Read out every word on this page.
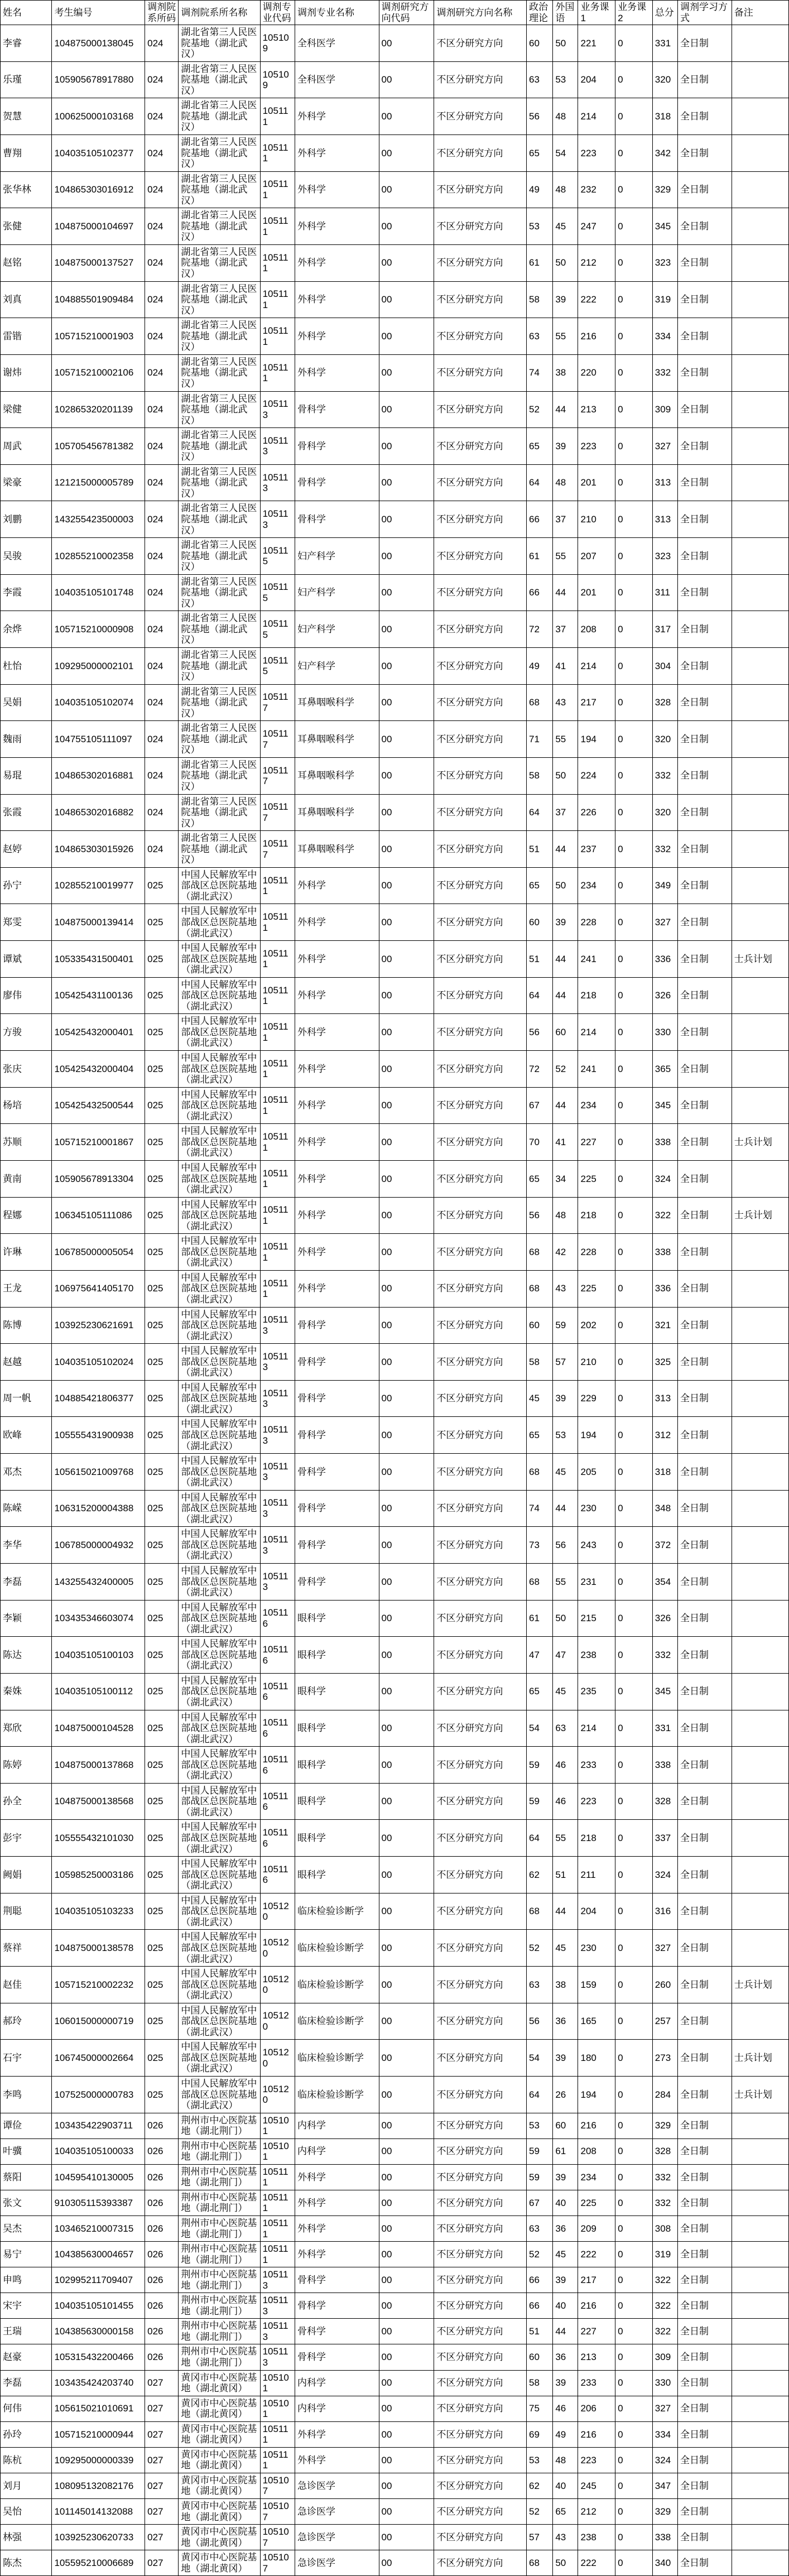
姓名	考生编号	调剂院系所码	调剂院系所名称	调剂专业代码	调剂专业名称	调剂研究方向代码	调剂研究方向名称	政治理论	外国语	业务课1	业务课2	总分	调剂学习方式	备注
李睿	104875000138045	024	湖北省第三人民医院基地（湖北武汉）	105109	全科医学	00	不区分研究方向	60	50	221	0	331	全日制	
乐瑾	105905678917880	024	湖北省第三人民医院基地（湖北武汉）	105109	全科医学	00	不区分研究方向	63	53	204	0	320	全日制	
贺慧	100625000103168	024	湖北省第三人民医院基地（湖北武汉）	105111	外科学	00	不区分研究方向	56	48	214	0	318	全日制	
曹翔	104035105102377	024	湖北省第三人民医院基地（湖北武汉）	105111	外科学	00	不区分研究方向	65	54	223	0	342	全日制	
张华林	104865303016912	024	湖北省第三人民医院基地（湖北武汉）	105111	外科学	00	不区分研究方向	49	48	232	0	329	全日制	
张健	104875000104697	024	湖北省第三人民医院基地（湖北武汉）	105111	外科学	00	不区分研究方向	53	45	247	0	345	全日制	
赵铭	104875000137527	024	湖北省第三人民医院基地（湖北武汉）	105111	外科学	00	不区分研究方向	61	50	212	0	323	全日制	
刘真	104885501909484	024	湖北省第三人民医院基地（湖北武汉）	105111	外科学	00	不区分研究方向	58	39	222	0	319	全日制	
雷锴	105715210001903	024	湖北省第三人民医院基地（湖北武汉）	105111	外科学	00	不区分研究方向	63	55	216	0	334	全日制	
谢炜	105715210002106	024	湖北省第三人民医院基地（湖北武汉）	105111	外科学	00	不区分研究方向	74	38	220	0	332	全日制	
梁健	102865320201139	024	湖北省第三人民医院基地（湖北武汉）	105113	骨科学	00	不区分研究方向	52	44	213	0	309	全日制	
周武	105705456781382	024	湖北省第三人民医院基地（湖北武汉）	105113	骨科学	00	不区分研究方向	65	39	223	0	327	全日制	
梁豪	121215000005789	024	湖北省第三人民医院基地（湖北武汉）	105113	骨科学	00	不区分研究方向	64	48	201	0	313	全日制	
刘鹏	143255423500003	024	湖北省第三人民医院基地（湖北武汉）	105113	骨科学	00	不区分研究方向	66	37	210	0	313	全日制	
吴骏	102855210002358	024	湖北省第三人民医院基地（湖北武汉）	105115	妇产科学	00	不区分研究方向	61	55	207	0	323	全日制	
李霞	104035105101748	024	湖北省第三人民医院基地（湖北武汉）	105115	妇产科学	00	不区分研究方向	66	44	201	0	311	全日制	
余烨	105715210000908	024	湖北省第三人民医院基地（湖北武汉）	105115	妇产科学	00	不区分研究方向	72	37	208	0	317	全日制	
杜怡	109295000002101	024	湖北省第三人民医院基地（湖北武汉）	105115	妇产科学	00	不区分研究方向	49	41	214	0	304	全日制	
吴娟	104035105102074	024	湖北省第三人民医院基地（湖北武汉）	105117	耳鼻咽喉科学	00	不区分研究方向	68	43	217	0	328	全日制	
魏雨	104755105111097	024	湖北省第三人民医院基地（湖北武汉）	105117	耳鼻咽喉科学	00	不区分研究方向	71	55	194	0	320	全日制	
易琨	104865302016881	024	湖北省第三人民医院基地（湖北武汉）	105117	耳鼻咽喉科学	00	不区分研究方向	58	50	224	0	332	全日制	
张霞	104865302016882	024	湖北省第三人民医院基地（湖北武汉）	105117	耳鼻咽喉科学	00	不区分研究方向	64	37	226	0	320	全日制	
赵婷	104865303015926	024	湖北省第三人民医院基地（湖北武汉）	105117	耳鼻咽喉科学	00	不区分研究方向	51	44	237	0	332	全日制	
孙宁	102855210019977	025	中国人民解放军中部战区总医院基地（湖北武汉）	105111	外科学	00	不区分研究方向	65	50	234	0	349	全日制	
郑雯	104875000139414	025	中国人民解放军中部战区总医院基地（湖北武汉）	105111	外科学	00	不区分研究方向	60	39	228	0	327	全日制	
谭斌	105335431500401	025	中国人民解放军中部战区总医院基地（湖北武汉）	105111	外科学	00	不区分研究方向	51	44	241	0	336	全日制	士兵计划
廖伟	105425431100136	025	中国人民解放军中部战区总医院基地（湖北武汉）	105111	外科学	00	不区分研究方向	64	44	218	0	326	全日制	
方骏	105425432000401	025	中国人民解放军中部战区总医院基地（湖北武汉）	105111	外科学	00	不区分研究方向	56	60	214	0	330	全日制	
张庆	105425432000404	025	中国人民解放军中部战区总医院基地（湖北武汉）	105111	外科学	00	不区分研究方向	72	52	241	0	365	全日制	
杨培	105425432500544	025	中国人民解放军中部战区总医院基地（湖北武汉）	105111	外科学	00	不区分研究方向	67	44	234	0	345	全日制	
苏顺	105715210001867	025	中国人民解放军中部战区总医院基地（湖北武汉）	105111	外科学	00	不区分研究方向	70	41	227	0	338	全日制	士兵计划
黄南	105905678913304	025	中国人民解放军中部战区总医院基地（湖北武汉）	105111	外科学	00	不区分研究方向	65	34	225	0	324	全日制	
程娜	106345105111086	025	中国人民解放军中部战区总医院基地（湖北武汉）	105111	外科学	00	不区分研究方向	56	48	218	0	322	全日制	士兵计划
许琳	106785000005054	025	中国人民解放军中部战区总医院基地（湖北武汉）	105111	外科学	00	不区分研究方向	68	42	228	0	338	全日制	
王龙	106975641405170	025	中国人民解放军中部战区总医院基地（湖北武汉）	105111	外科学	00	不区分研究方向	68	43	225	0	336	全日制	
陈博	103925230621691	025	中国人民解放军中部战区总医院基地（湖北武汉）	105113	骨科学	00	不区分研究方向	60	59	202	0	321	全日制	
赵越	104035105102024	025	中国人民解放军中部战区总医院基地（湖北武汉）	105113	骨科学	00	不区分研究方向	58	57	210	0	325	全日制	
周一帆	104885421806377	025	中国人民解放军中部战区总医院基地（湖北武汉）	105113	骨科学	00	不区分研究方向	45	39	229	0	313	全日制	
欧峰	105555431900938	025	中国人民解放军中部战区总医院基地（湖北武汉）	105113	骨科学	00	不区分研究方向	65	53	194	0	312	全日制	
邓杰	105615021009768	025	中国人民解放军中部战区总医院基地（湖北武汉）	105113	骨科学	00	不区分研究方向	68	45	205	0	318	全日制	
陈嵘	106315200004388	025	中国人民解放军中部战区总医院基地（湖北武汉）	105113	骨科学	00	不区分研究方向	74	44	230	0	348	全日制	
李华	106785000004932	025	中国人民解放军中部战区总医院基地（湖北武汉）	105113	骨科学	00	不区分研究方向	73	56	243	0	372	全日制	
李磊	143255432400005	025	中国人民解放军中部战区总医院基地（湖北武汉）	105113	骨科学	00	不区分研究方向	68	55	231	0	354	全日制	
李颖	103435346603074	025	中国人民解放军中部战区总医院基地（湖北武汉）	105116	眼科学	00	不区分研究方向	61	50	215	0	326	全日制	
陈达	104035105100103	025	中国人民解放军中部战区总医院基地（湖北武汉）	105116	眼科学	00	不区分研究方向	47	47	238	0	332	全日制	
秦姝	104035105100112	025	中国人民解放军中部战区总医院基地（湖北武汉）	105116	眼科学	00	不区分研究方向	65	45	235	0	345	全日制	
郑欣	104875000104528	025	中国人民解放军中部战区总医院基地（湖北武汉）	105116	眼科学	00	不区分研究方向	54	63	214	0	331	全日制	
陈婷	104875000137868	025	中国人民解放军中部战区总医院基地（湖北武汉）	105116	眼科学	00	不区分研究方向	59	46	233	0	338	全日制	
孙全	104875000138568	025	中国人民解放军中部战区总医院基地（湖北武汉）	105116	眼科学	00	不区分研究方向	59	46	223	0	328	全日制	
彭宇	105555432101030	025	中国人民解放军中部战区总医院基地（湖北武汉）	105116	眼科学	00	不区分研究方向	64	55	218	0	337	全日制	
阙娟	105985250003186	025	中国人民解放军中部战区总医院基地（湖北武汉）	105116	眼科学	00	不区分研究方向	62	51	211	0	324	全日制	
荆聪	104035105103233	025	中国人民解放军中部战区总医院基地（湖北武汉）	105120	临床检验诊断学	00	不区分研究方向	68	44	204	0	316	全日制	
蔡祥	104875000138578	025	中国人民解放军中部战区总医院基地（湖北武汉）	105120	临床检验诊断学	00	不区分研究方向	52	45	230	0	327	全日制	
赵佳	105715210002232	025	中国人民解放军中部战区总医院基地（湖北武汉）	105120	临床检验诊断学	00	不区分研究方向	63	38	159	0	260	全日制	士兵计划
郝玲	106015000000719	025	中国人民解放军中部战区总医院基地（湖北武汉）	105120	临床检验诊断学	00	不区分研究方向	56	36	165	0	257	全日制	
石宇	106745000002664	025	中国人民解放军中部战区总医院基地（湖北武汉）	105120	临床检验诊断学	00	不区分研究方向	54	39	180	0	273	全日制	士兵计划
李鸣	107525000000783	025	中国人民解放军中部战区总医院基地（湖北武汉）	105120	临床检验诊断学	00	不区分研究方向	64	26	194	0	284	全日制	士兵计划
谭俭	103435422903711	026	荆州市中心医院基地（湖北荆门）	105101	内科学	00	不区分研究方向	53	60	216	0	329	全日制	
叶骥	104035105100033	026	荆州市中心医院基地（湖北荆门）	105101	内科学	00	不区分研究方向	59	61	208	0	328	全日制	
蔡阳	104595410130005	026	荆州市中心医院基地（湖北荆门）	105111	外科学	00	不区分研究方向	59	39	234	0	332	全日制	
张文	910305115393387	026	荆州市中心医院基地（湖北荆门）	105111	外科学	00	不区分研究方向	67	40	225	0	332	全日制	
吴杰	103465210007315	026	荆州市中心医院基地（湖北荆门）	105111	外科学	00	不区分研究方向	63	36	209	0	308	全日制	
易宁	104385630004657	026	荆州市中心医院基地（湖北荆门）	105111	外科学	00	不区分研究方向	52	45	222	0	319	全日制	
申鸣	102995211709407	026	荆州市中心医院基地（湖北荆门）	105113	骨科学	00	不区分研究方向	66	39	217	0	322	全日制	
宋宇	104035105101455	026	荆州市中心医院基地（湖北荆门）	105113	骨科学	00	不区分研究方向	66	40	216	0	322	全日制	
王瑞	104385630000158	026	荆州市中心医院基地（湖北荆门）	105113	骨科学	00	不区分研究方向	51	44	227	0	322	全日制	
赵豪	105315432200466	026	荆州市中心医院基地（湖北荆门）	105113	骨科学	00	不区分研究方向	60	36	213	0	309	全日制	
李磊	103435424203740	027	黄冈市中心医院基地（湖北黄冈）	105101	内科学	00	不区分研究方向	58	39	233	0	330	全日制	
何伟	105615021010691	027	黄冈市中心医院基地（湖北黄冈）	105101	内科学	00	不区分研究方向	75	46	206	0	327	全日制	
孙玲	105715210000944	027	黄冈市中心医院基地（湖北黄冈）	105111	外科学	00	不区分研究方向	69	49	216	0	334	全日制	
陈杭	109295000000339	027	黄冈市中心医院基地（湖北黄冈）	105111	外科学	00	不区分研究方向	53	48	223	0	324	全日制	
刘月	108095132082176	027	黄冈市中心医院基地（湖北黄冈）	105107	急诊医学	00	不区分研究方向	62	40	245	0	347	全日制	
吴怡	101145014132088	027	黄冈市中心医院基地（湖北黄冈）	105107	急诊医学	00	不区分研究方向	52	65	212	0	329	全日制	
林强	103925230620733	027	黄冈市中心医院基地（湖北黄冈）	105107	急诊医学	00	不区分研究方向	57	43	238	0	338	全日制	
陈杰	105595210006689	027	黄冈市中心医院基地（湖北黄冈）	105107	急诊医学	00	不区分研究方向	68	50	222	0	340	全日制	
